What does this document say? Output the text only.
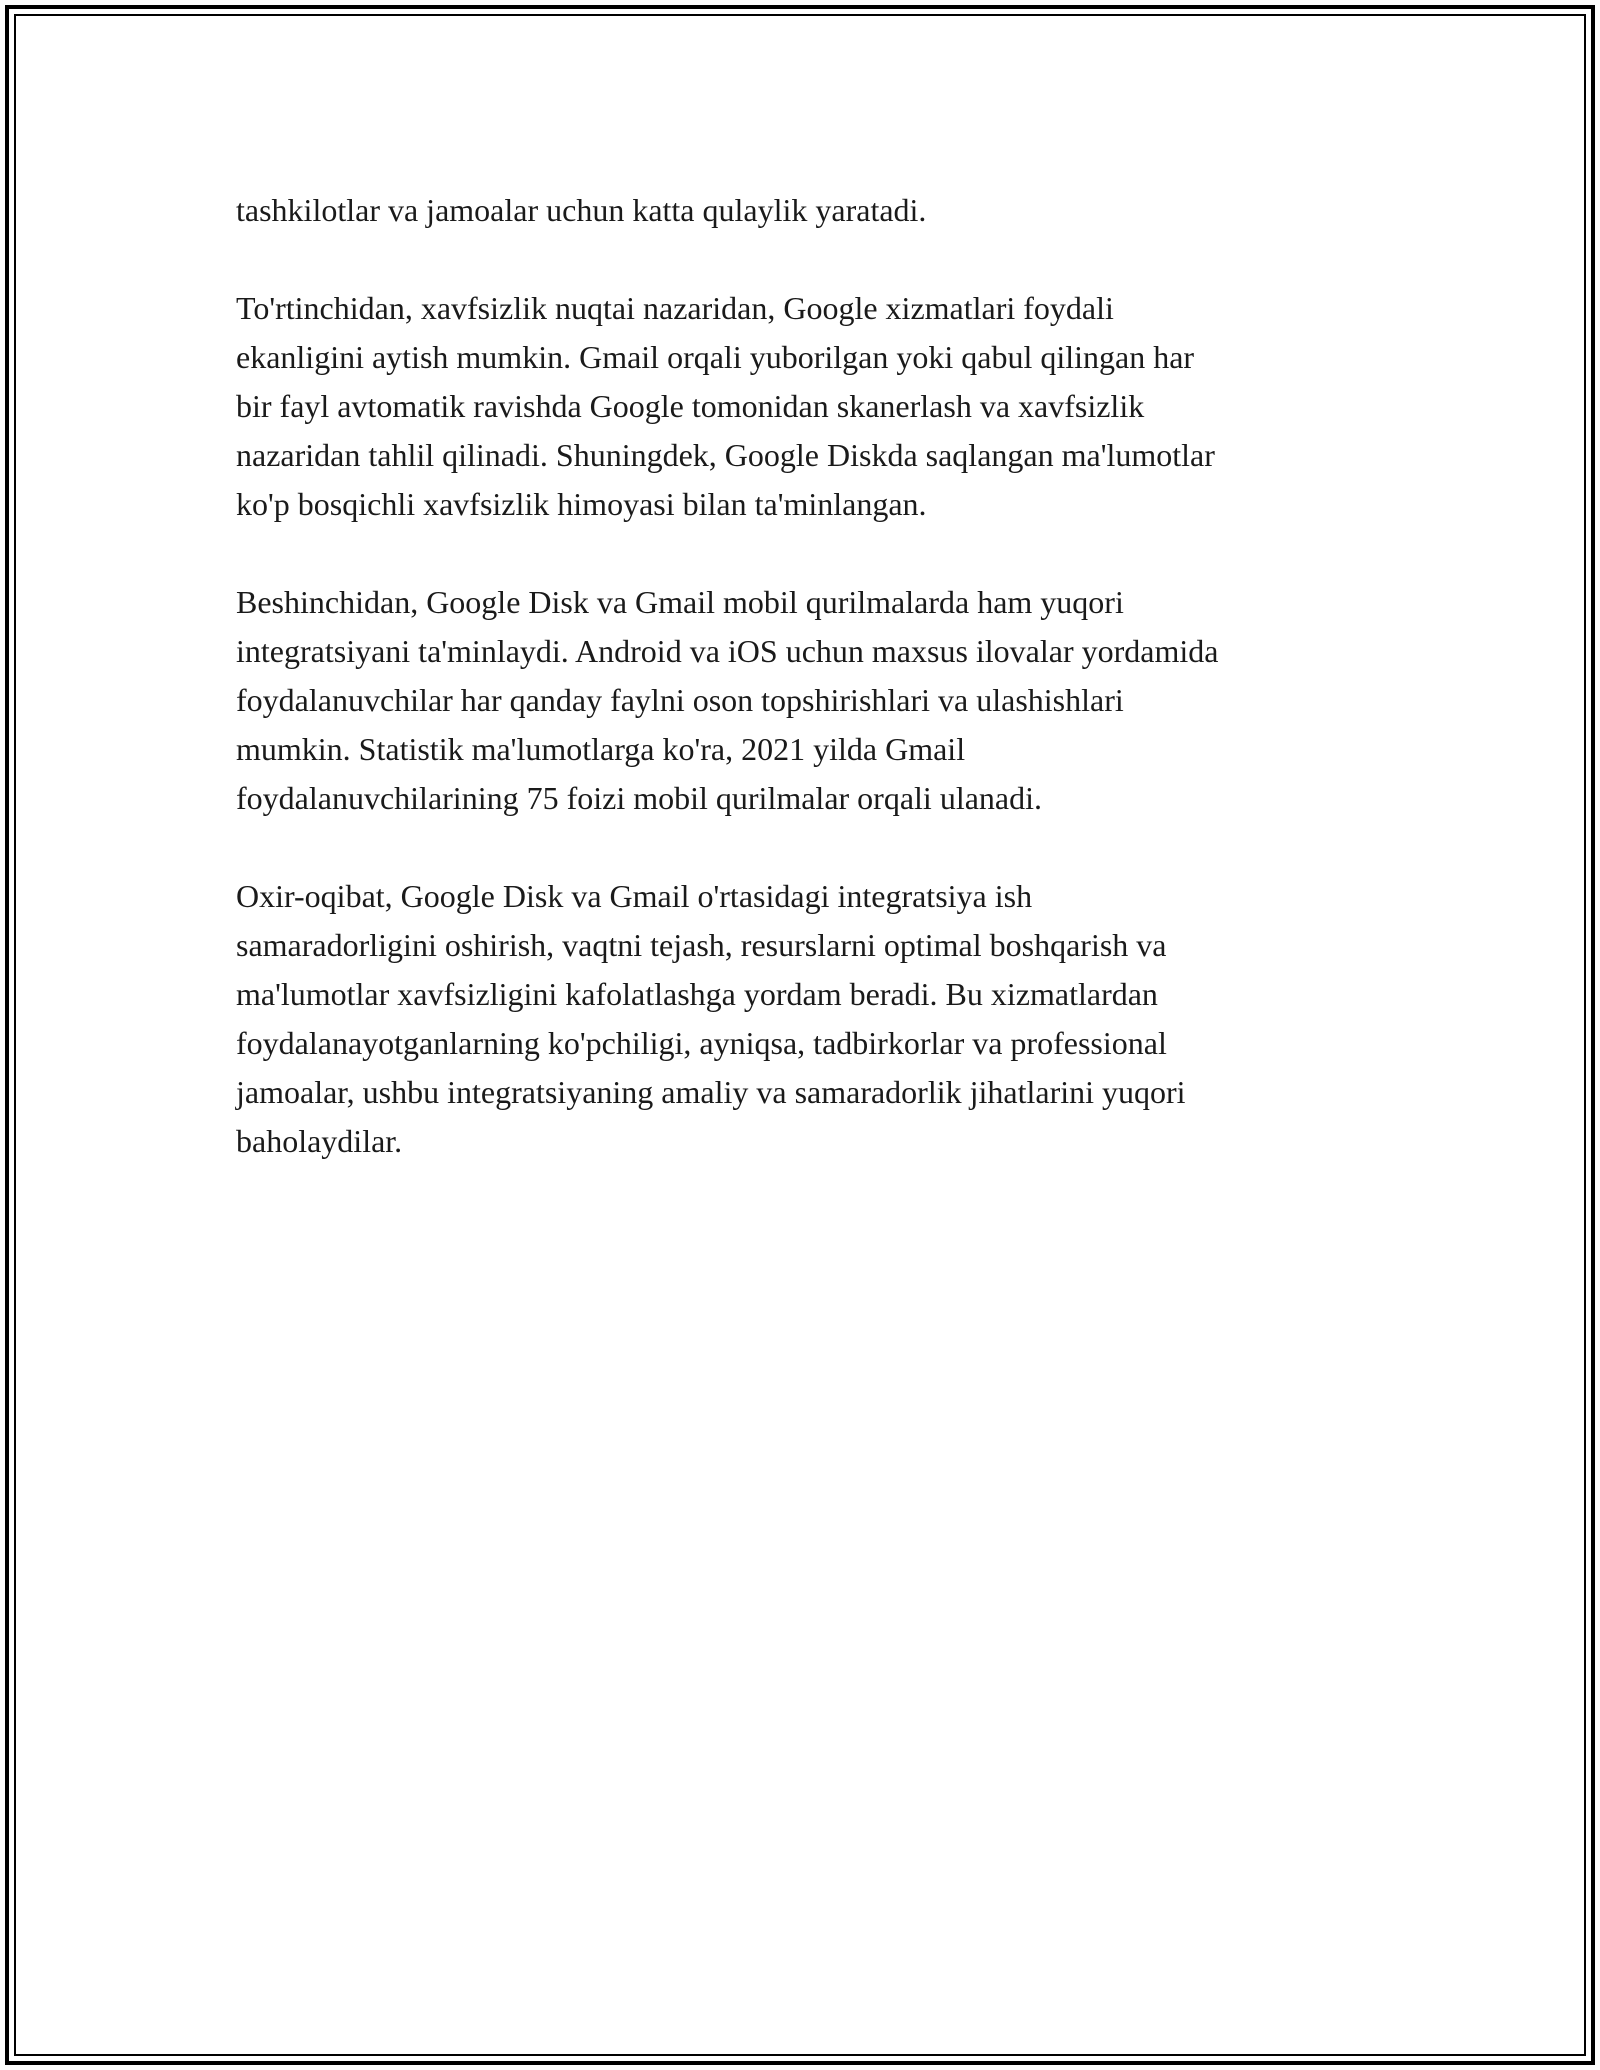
tashkilotlar va jamoalar uchun katta qulaylik yaratadi.

To'rtinchidan, xavfsizlik nuqtai nazaridan, Google xizmatlari foydali
ekanligini aytish mumkin. Gmail orqali yuborilgan yoki qabul qilingan har
bir fayl avtomatik ravishda Google tomonidan skanerlash va xavfsizlik
nazaridan tahlil qilinadi. Shuningdek, Google Diskda saqlangan ma'lumotlar
ko'p bosqichli xavfsizlik himoyasi bilan ta'minlangan.

Beshinchidan, Google Disk va Gmail mobil qurilmalarda ham yuqori
integratsiyani ta'minlaydi. Android va iOS uchun maxsus ilovalar yordamida
foydalanuvchilar har qanday faylni oson topshirishlari va ulashishlari
mumkin. Statistik ma'lumotlarga ko'ra, 2021 yilda Gmail
foydalanuvchilarining 75 foizi mobil qurilmalar orqali ulanadi.

Oxir-oqibat, Google Disk va Gmail o'rtasidagi integratsiya ish
samaradorligini oshirish, vaqtni tejash, resurslarni optimal boshqarish va
ma'lumotlar xavfsizligini kafolatlashga yordam beradi. Bu xizmatlardan
foydalanayotganlarning ko'pchiligi, ayniqsa, tadbirkorlar va professional
jamoalar, ushbu integratsiyaning amaliy va samaradorlik jihatlarini yuqori
baholaydilar.
